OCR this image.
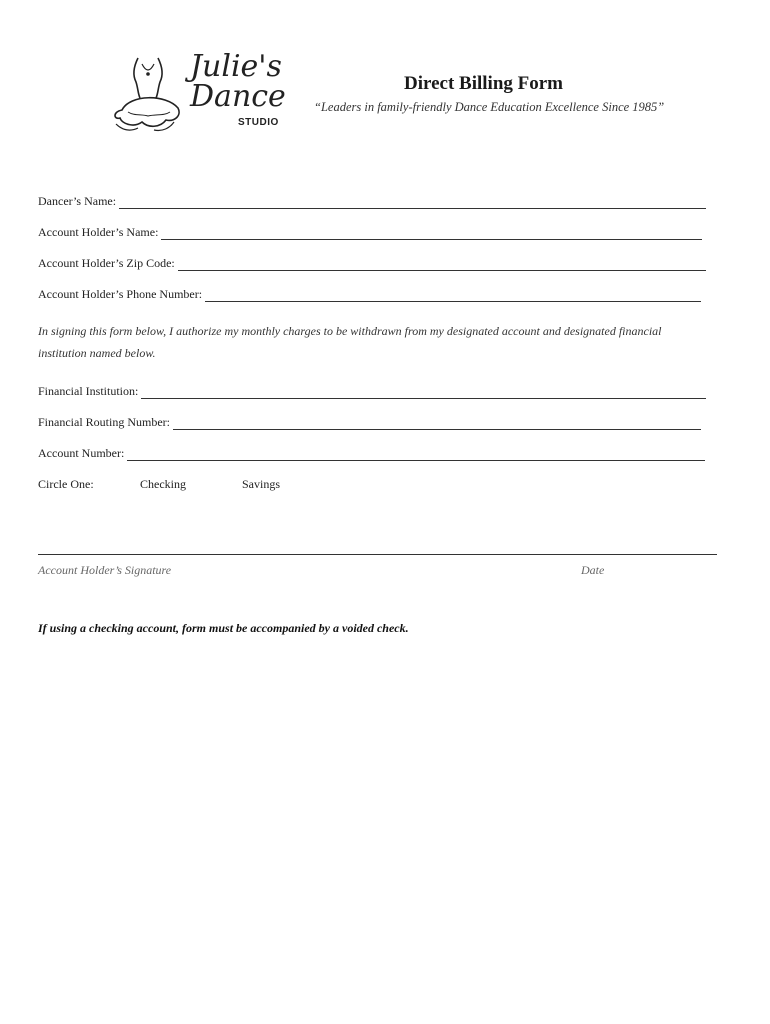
Julie's
Dance
STUDIO
Direct Billing Form
“Leaders in family-friendly Dance Education Excellence Since 1985”
Dancer’s Name:
Account Holder’s Name:
Account Holder’s Zip Code:
Account Holder’s Phone Number:
In signing this form below, I authorize my monthly charges to be withdrawn from my designated account and designated financial
institution named below.
Financial Institution:
Financial Routing Number:
Account Number:
Circle One:	Checking	Savings
Account Holder’s Signature	Date
If using a checking account, form must be accompanied by a voided check.
